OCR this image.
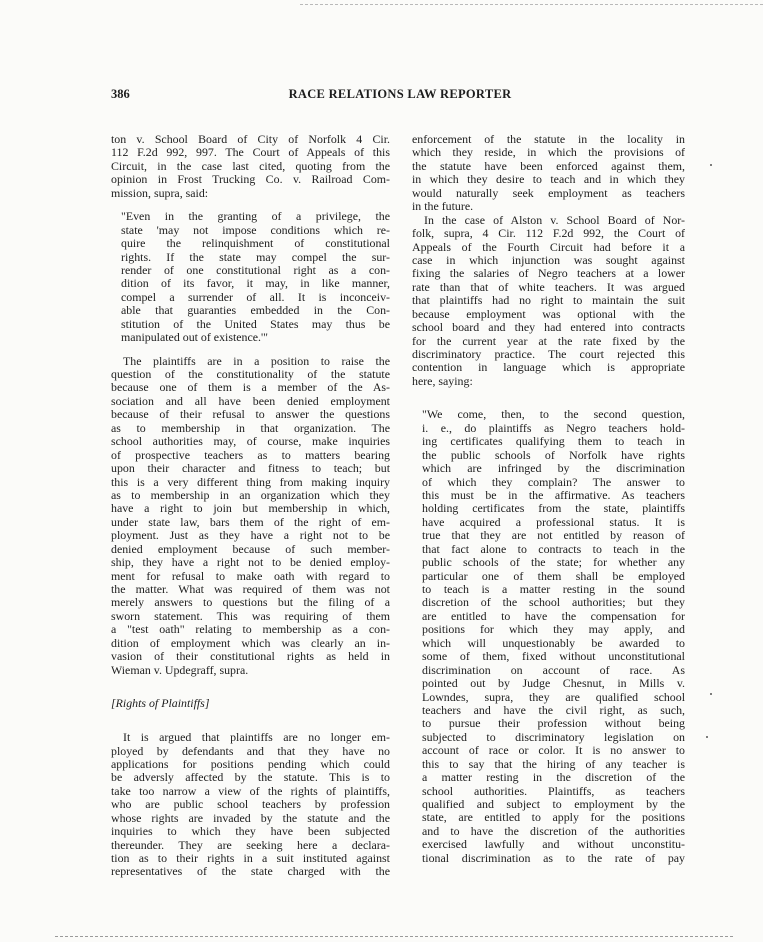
386	RACE RELATIONS LAW REPORTER
ton v. School Board of City of Norfolk 4 Cir.
112 F.2d 992, 997. The Court of Appeals of this
Circuit, in the case last cited, quoting from the
opinion in Frost Trucking Co. v. Railroad Com-
mission, supra, said:
"Even in the granting of a privilege, the
state 'may not impose conditions which re-
quire the relinquishment of constitutional
rights. If the state may compel the sur-
render of one constitutional right as a con-
dition of its favor, it may, in like manner,
compel a surrender of all. It is inconceiv-
able that guaranties embedded in the Con-
stitution of the United States may thus be
manipulated out of existence.'"
The plaintiffs are in a position to raise the
question of the constitutionality of the statute
because one of them is a member of the As-
sociation and all have been denied employment
because of their refusal to answer the questions
as to membership in that organization. The
school authorities may, of course, make inquiries
of prospective teachers as to matters bearing
upon their character and fitness to teach; but
this is a very different thing from making inquiry
as to membership in an organization which they
have a right to join but membership in which,
under state law, bars them of the right of em-
ployment. Just as they have a right not to be
denied employment because of such member-
ship, they have a right not to be denied employ-
ment for refusal to make oath with regard to
the matter. What was required of them was not
merely answers to questions but the filing of a
sworn statement. This was requiring of them
a "test oath" relating to membership as a con-
dition of employment which was clearly an in-
vasion of their constitutional rights as held in
Wieman v. Updegraff, supra.
[Rights of Plaintiffs]
It is argued that plaintiffs are no longer em-
ployed by defendants and that they have no
applications for positions pending which could
be adversly affected by the statute. This is to
take too narrow a view of the rights of plaintiffs,
who are public school teachers by profession
whose rights are invaded by the statute and the
inquiries to which they have been subjected
thereunder. They are seeking here a declara-
tion as to their rights in a suit instituted against
representatives of the state charged with the
enforcement of the statute in the locality in
which they reside, in which the provisions of
the statute have been enforced against them,
in which they desire to teach and in which they
would naturally seek employment as teachers
in the future.
In the case of Alston v. School Board of Nor-
folk, supra, 4 Cir. 112 F.2d 992, the Court of
Appeals of the Fourth Circuit had before it a
case in which injunction was sought against
fixing the salaries of Negro teachers at a lower
rate than that of white teachers. It was argued
that plaintiffs had no right to maintain the suit
because employment was optional with the
school board and they had entered into contracts
for the current year at the rate fixed by the
discriminatory practice. The court rejected this
contention in language which is appropriate
here, saying:
"We come, then, to the second question,
i. e., do plaintiffs as Negro teachers hold-
ing certificates qualifying them to teach in
the public schools of Norfolk have rights
which are infringed by the discrimination
of which they complain? The answer to
this must be in the affirmative. As teachers
holding certificates from the state, plaintiffs
have acquired a professional status. It is
true that they are not entitled by reason of
that fact alone to contracts to teach in the
public schools of the state; for whether any
particular one of them shall be employed
to teach is a matter resting in the sound
discretion of the school authorities; but they
are entitled to have the compensation for
positions for which they may apply, and
which will unquestionably be awarded to
some of them, fixed without unconstitutional
discrimination on account of race. As
pointed out by Judge Chesnut, in Mills v.
Lowndes, supra, they are qualified school
teachers and have the civil right, as such,
to pursue their profession without being
subjected to discriminatory legislation on
account of race or color. It is no answer to
this to say that the hiring of any teacher is
a matter resting in the discretion of the
school authorities. Plaintiffs, as teachers
qualified and subject to employment by the
state, are entitled to apply for the positions
and to have the discretion of the authorities
exercised lawfully and without unconstitu-
tional discrimination as to the rate of pay
